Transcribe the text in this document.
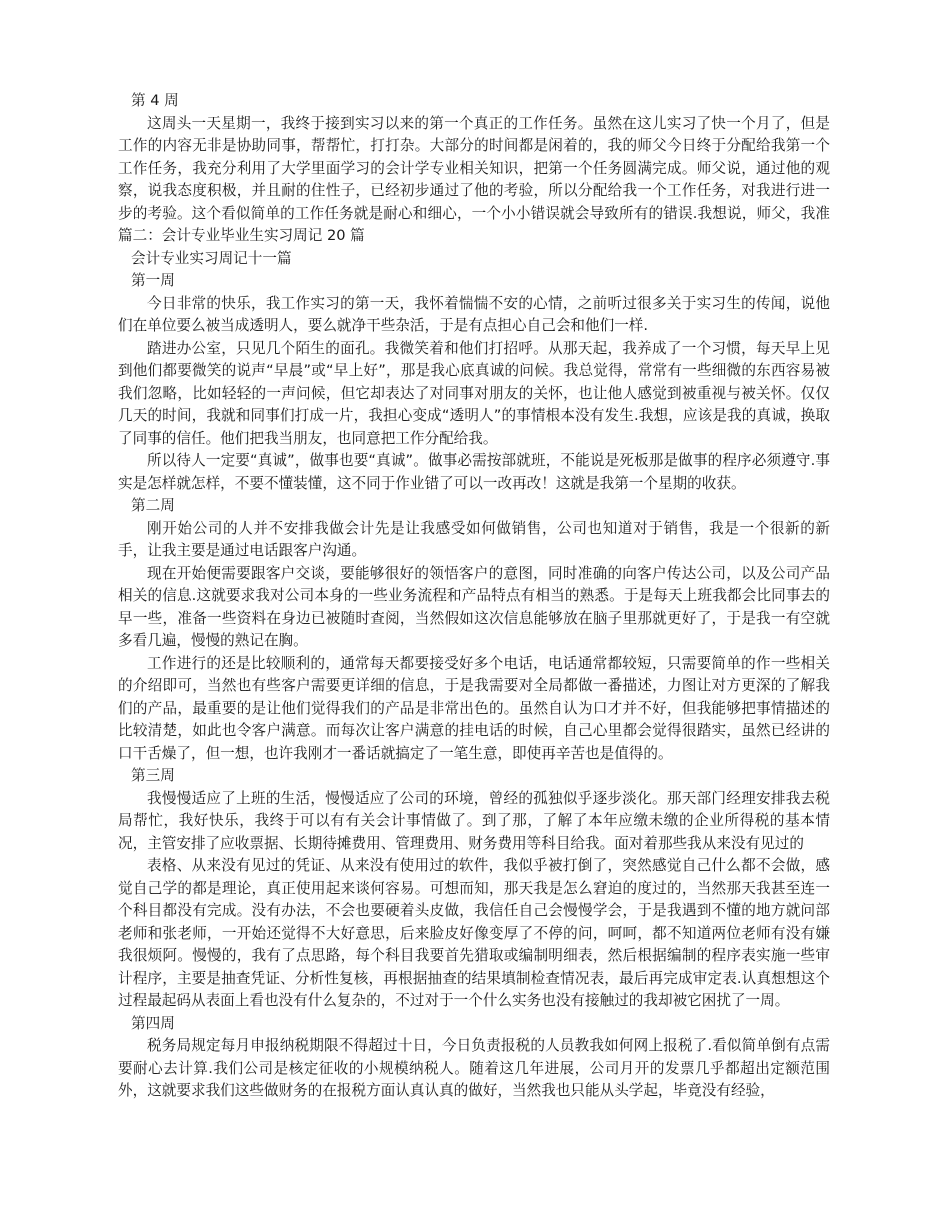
第 4 周

这周头一天星期一，我终于接到实习以来的第一个真正的工作任务。虽然在这儿实习了快一个月了，但是工作的内容无非是协助同事，帮帮忙，打打杂。大部分的时间都是闲着的，我的师父今日终于分配给我第一个工作任务，我充分利用了大学里面学习的会计学专业相关知识，把第一个任务圆满完成。师父说，通过他的观察，说我态度积极，并且耐的住性子，已经初步通过了他的考验，所以分配给我一个工作任务，对我进行进一步的考验。这个看似简单的工作任务就是耐心和细心，一个小小错误就会导致所有的错误.我想说，师父，我准篇二：会计专业毕业生实习周记 20 篇

会计专业实习周记十一篇

第一周

今日非常的快乐，我工作实习的第一天，我怀着惴惴不安的心情，之前听过很多关于实习生的传闻，说他们在单位要么被当成透明人，要么就净干些杂活，于是有点担心自己会和他们一样.

踏进办公室，只见几个陌生的面孔。我微笑着和他们打招呼。从那天起，我养成了一个习惯，每天早上见到他们都要微笑的说声“早晨”或“早上好”，那是我心底真诚的问候。我总觉得，常常有一些细微的东西容易被我们忽略，比如轻轻的一声问候，但它却表达了对同事对朋友的关怀，也让他人感觉到被重视与被关怀。仅仅几天的时间，我就和同事们打成一片，我担心变成“透明人”的事情根本没有发生.我想，应该是我的真诚，换取了同事的信任。他们把我当朋友，也同意把工作分配给我。

所以待人一定要“真诚”，做事也要“真诚”。做事必需按部就班，不能说是死板那是做事的程序必须遵守.事实是怎样就怎样，不要不懂装懂，这不同于作业错了可以一改再改！这就是我第一个星期的收获。

第二周

刚开始公司的人并不安排我做会计先是让我感受如何做销售，公司也知道对于销售，我是一个很新的新手，让我主要是通过电话跟客户沟通。

现在开始便需要跟客户交谈，要能够很好的领悟客户的意图，同时准确的向客户传达公司，以及公司产品相关的信息.这就要求我对公司本身的一些业务流程和产品特点有相当的熟悉。于是每天上班我都会比同事去的早一些，准备一些资料在身边已被随时查阅，当然假如这次信息能够放在脑子里那就更好了，于是我一有空就多看几遍，慢慢的熟记在胸。

工作进行的还是比较顺利的，通常每天都要接受好多个电话，电话通常都较短，只需要简单的作一些相关的介绍即可，当然也有些客户需要更详细的信息，于是我需要对全局都做一番描述，力图让对方更深的了解我们的产品，最重要的是让他们觉得我们的产品是非常出色的。虽然自认为口才并不好，但我能够把事情描述的比较清楚，如此也令客户满意。而每次让客户满意的挂电话的时候，自己心里都会觉得很踏实，虽然已经讲的口干舌燥了，但一想，也许我刚才一番话就搞定了一笔生意，即使再辛苦也是值得的。

第三周

我慢慢适应了上班的生活，慢慢适应了公司的环境，曾经的孤独似乎逐步淡化。那天部门经理安排我去税局帮忙，我好快乐，我终于可以有有关会计事情做了。到了那，了解了本年应缴未缴的企业所得税的基本情况，主管安排了应收票据、长期待摊费用、管理费用、财务费用等科目给我。面对着那些我从来没有见过的

表格、从来没有见过的凭证、从来没有使用过的软件，我似乎被打倒了，突然感觉自己什么都不会做，感觉自己学的都是理论，真正使用起来谈何容易。可想而知，那天我是怎么窘迫的度过的，当然那天我甚至连一个科目都没有完成。没有办法，不会也要硬着头皮做，我信任自己会慢慢学会，于是我遇到不懂的地方就问部老师和张老师，一开始还觉得不大好意思，后来脸皮好像变厚了不停的问，呵呵，都不知道两位老师有没有嫌我很烦阿。慢慢的，我有了点思路，每个科目我要首先猎取或编制明细表，然后根据编制的程序表实施一些审计程序，主要是抽查凭证、分析性复核，再根据抽查的结果填制检查情况表，最后再完成审定表.认真想想这个过程最起码从表面上看也没有什么复杂的，不过对于一个什么实务也没有接触过的我却被它困扰了一周。

第四周

税务局规定每月申报纳税期限不得超过十日，今日负责报税的人员教我如何网上报税了.看似简单倒有点需要耐心去计算.我们公司是核定征收的小规模纳税人。随着这几年进展，公司月开的发票几乎都超出定额范围外，这就要求我们这些做财务的在报税方面认真认真的做好，当然我也只能从头学起，毕竟没有经验，
